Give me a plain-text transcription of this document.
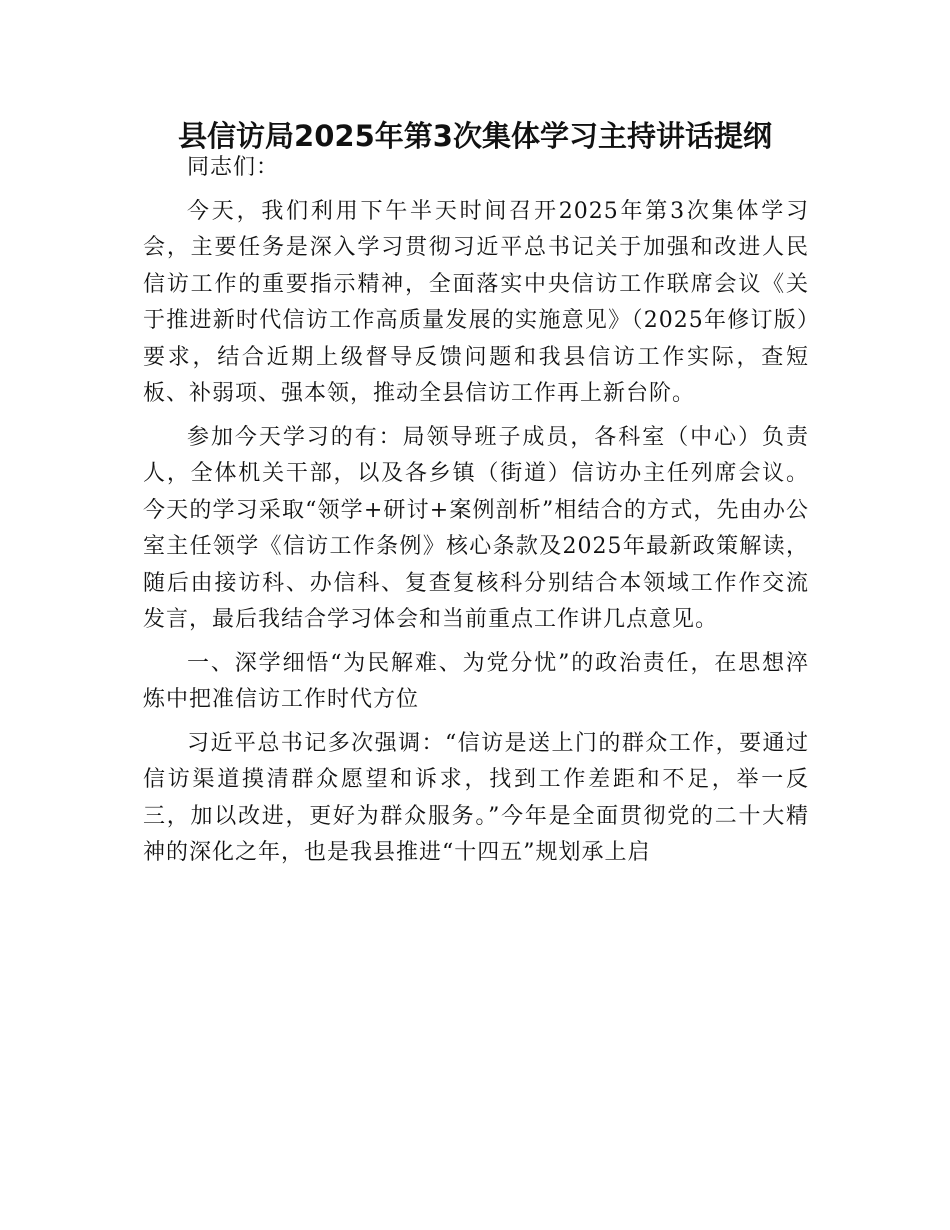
县信访局2025年第3次集体学习主持讲话提纲

同志们：

今天，我们利用下午半天时间召开2025年第3次集体学习会，主要任务是深入学习贯彻习近平总书记关于加强和改进人民信访工作的重要指示精神，全面落实中央信访工作联席会议《关于推进新时代信访工作高质量发展的实施意见》（2025年修订版）要求，结合近期上级督导反馈问题和我县信访工作实际，查短板、补弱项、强本领，推动全县信访工作再上新台阶。

参加今天学习的有：局领导班子成员，各科室（中心）负责人，全体机关干部，以及各乡镇（街道）信访办主任列席会议。今天的学习采取“领学+研讨+案例剖析”相结合的方式，先由办公室主任领学《信访工作条例》核心条款及2025年最新政策解读，随后由接访科、办信科、复查复核科分别结合本领域工作作交流发言，最后我结合学习体会和当前重点工作讲几点意见。

一、深学细悟“为民解难、为党分忧”的政治责任，在思想淬炼中把准信访工作时代方位

习近平总书记多次强调：“信访是送上门的群众工作，要通过信访渠道摸清群众愿望和诉求，找到工作差距和不足，举一反三，加以改进，更好为群众服务。”今年是全面贯彻党的二十大精神的深化之年，也是我县推进“十四五”规划承上启
